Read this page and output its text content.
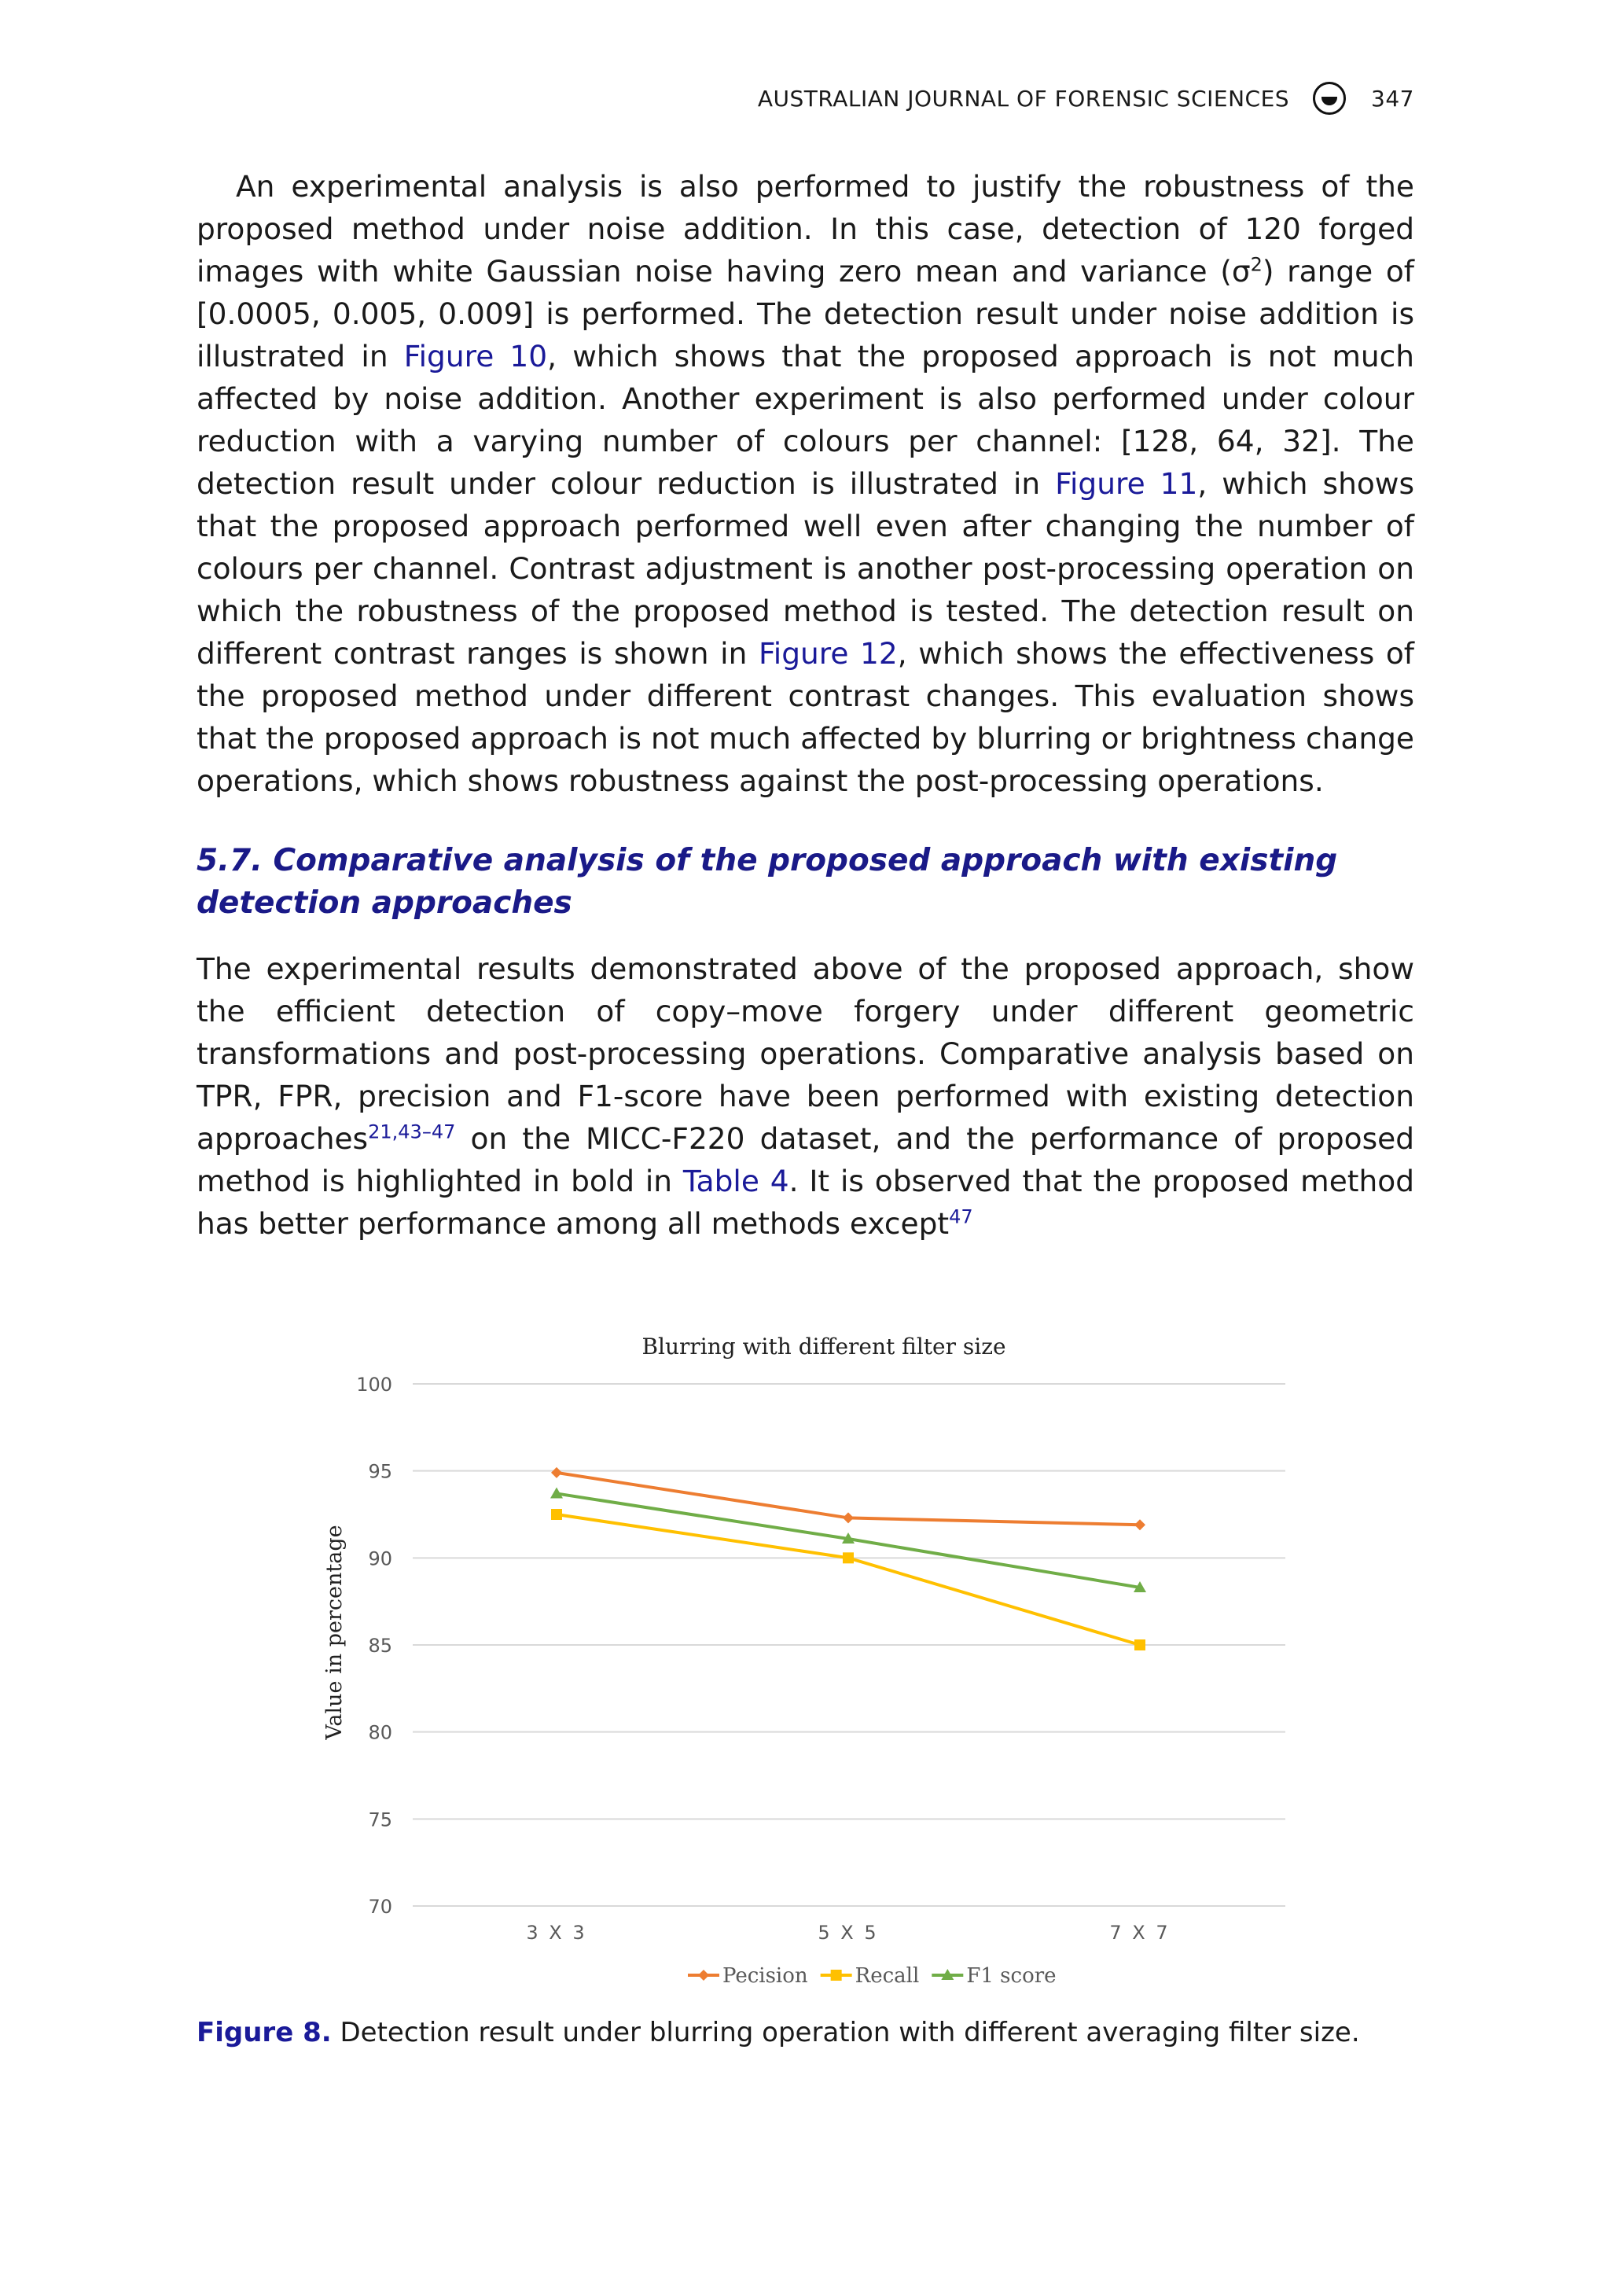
AUSTRALIAN JOURNAL OF FORENSIC SCIENCES	347
An experimental analysis is also performed to justify the robustness of the proposed method under noise addition. In this case, detection of 120 forged images with white Gaussian noise having zero mean and variance $(\sigma^2)$ range of [0.0005, 0.005, 0.009] is performed. The detection result under noise addition is illustrated in Figure 10, which shows that the proposed approach is not much affected by noise addition. Another experiment is also performed under colour reduction with a varying number of colours per channel: [128, 64, 32]. The detection result under colour reduction is illustrated in Figure 11, which shows that the proposed approach performed well even after changing the number of colours per channel. Contrast adjustment is another post-processing operation on which the robustness of the proposed method is tested. The detection result on different contrast ranges is shown in Figure 12, which shows the effectiveness of the proposed method under different contrast changes. This evaluation shows that the proposed approach is not much affected by blurring or brightness change operations, which shows robustness against the post-processing operations.
5.7. Comparative analysis of the proposed approach with existing detection approaches
The experimental results demonstrated above of the proposed approach, show the efficient detection of copy–move forgery under different geometric transformations and post-processing operations. Comparative analysis based on TPR, FPR, precision and F1-score have been performed with existing detection approaches$^{21,43-47}$ on the MICC-F220 dataset, and the performance of proposed method is highlighted in bold in Table 4. It is observed that the proposed method has better performance among all methods except$^{47}$
Blurring with different filter size
Value in percentage
70
75
80
85
90
95
100
3 X 3	5 X 5	7 X 7
Pecision Recall F1 score
Figure 8. Detection result under blurring operation with different averaging filter size.
